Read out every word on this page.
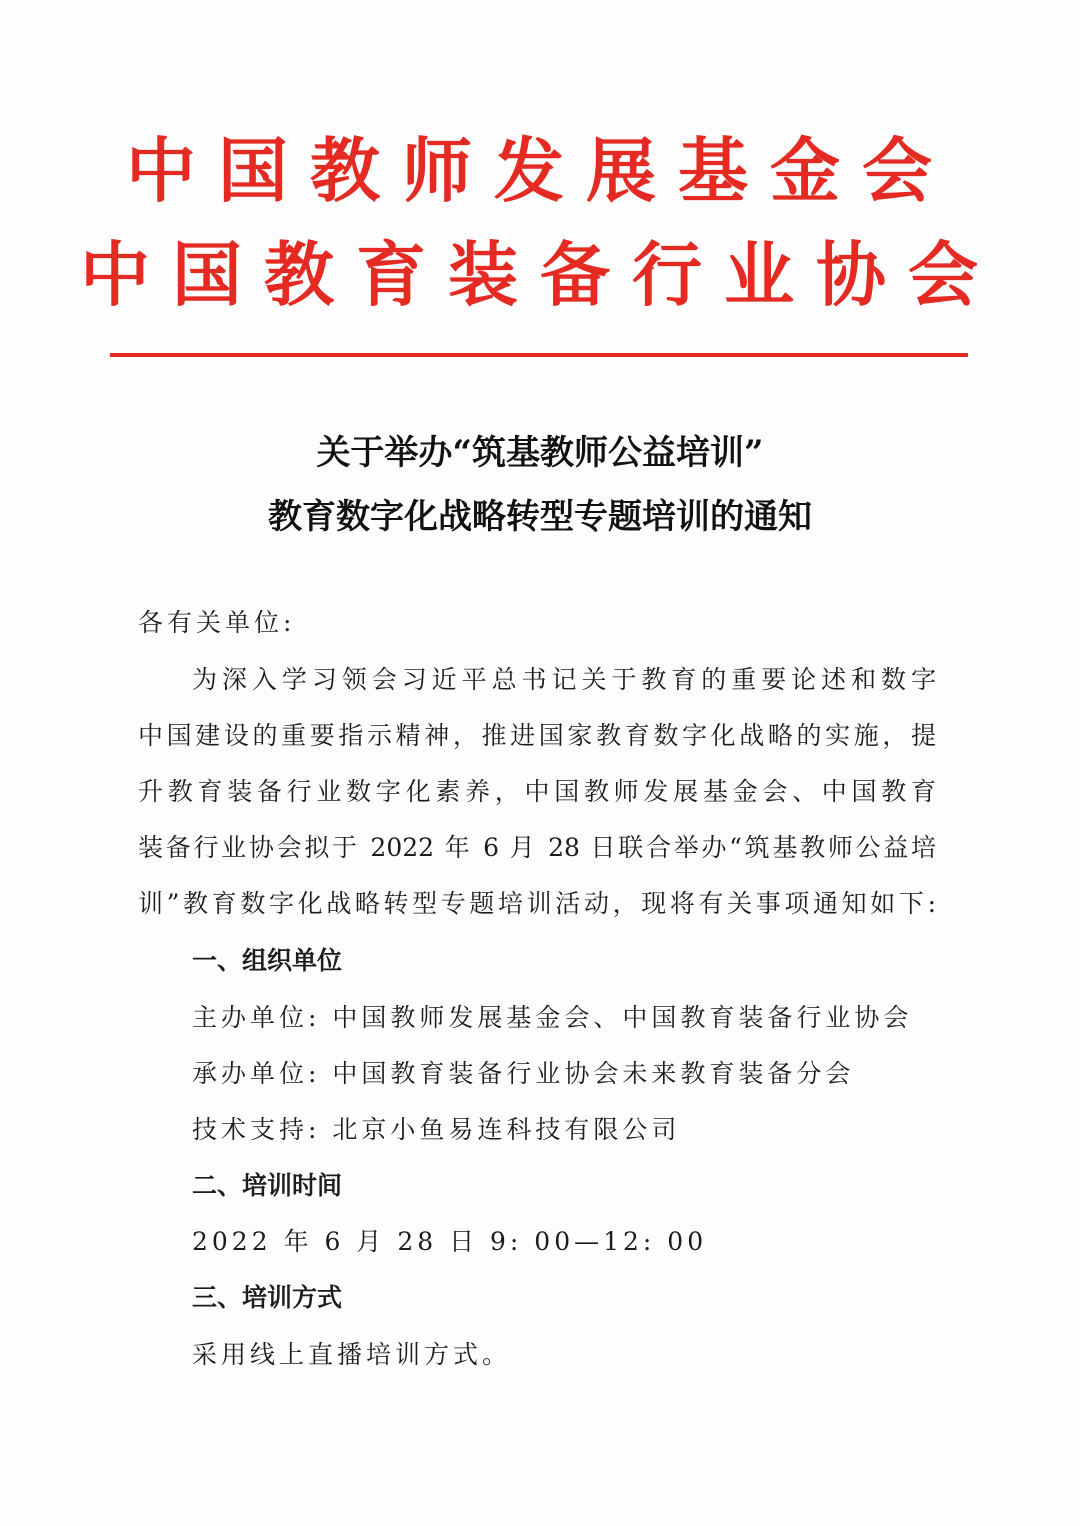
中国教师发展基金会
中国教育装备行业协会
关于举办“筑基教师公益培训”
教育数字化战略转型专题培训的通知
各有关单位:
为深入学习领会习近平总书记关于教育的重要论述和数字
中国建设的重要指示精神，推进国家教育数字化战略的实施，提
升教育装备行业数字化素养，中国教师发展基金会、中国教育
装备行业协会拟于 2022 年 6 月 28 日联合举办“筑基教师公益培
训”教育数字化战略转型专题培训活动，现将有关事项通知如下:
一、组织单位
主办单位: 中国教师发展基金会、中国教育装备行业协会
承办单位: 中国教育装备行业协会未来教育装备分会
技术支持: 北京小鱼易连科技有限公司
二、培训时间
2022 年 6 月 28 日 9: 00—12: 00
三、培训方式
采用线上直播培训方式。
